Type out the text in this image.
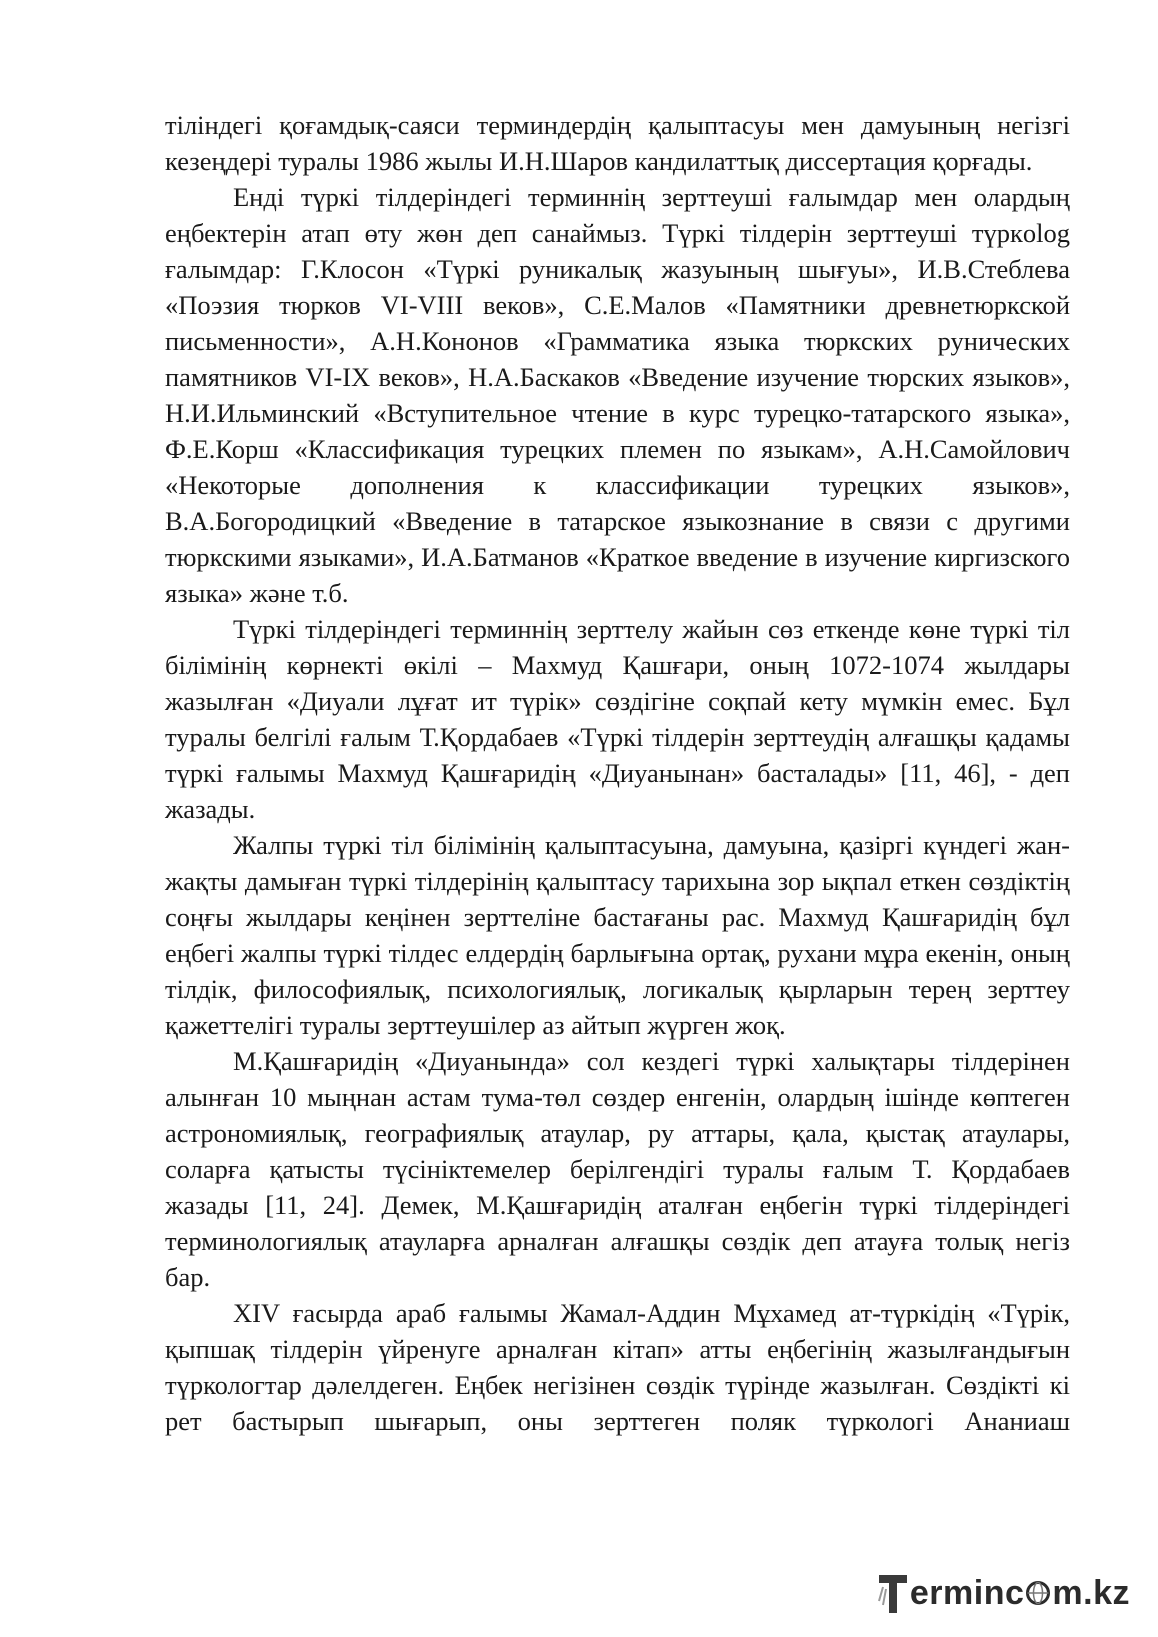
тіліндегі қоғамдық-саяси терминдердің қалыптасуы мен дамуының негізгі кезеңдері туралы 1986 жылы И.Н.Шаров кандилаттық диссертация қорғады.

Енді түркі тілдеріндегі терминнің зерттеуші ғалымдар мен олардың еңбектерін атап өту жөн деп санаймыз. Түркі тілдерін зерттеуші түркolog ғалымдар: Г.Клосон «Түркі руникалық жазуының шығуы», И.В.Стеблева «Поэзия тюрков VI-VIII веков», С.Е.Малов «Памятники древнетюркской письменности», А.Н.Кононов «Грамматика языка тюркских рунических памятников VI-IX веков», Н.А.Баскаков «Введение изучение тюрских языков», Н.И.Ильминский «Вступительное чтение в курс турецко-татарского языка», Ф.Е.Корш «Классификация турецких племен по языкам», А.Н.Самойлович «Некоторые дополнения к классификации турецких языков», В.А.Богородицкий «Введение в татарское языкознание в связи с другими тюркскими языками», И.А.Батманов «Краткое введение в изучение киргизского языка» және т.б.

Түркі тілдеріндегі терминнің зерттелу жайын сөз еткенде көне түркі тіл білімінің көрнекті өкілі – Махмуд Қашғари, оның 1072-1074 жылдары жазылған «Диуали лұғат ит түрік» сөздігіне соқпай кету мүмкін емес. Бұл туралы белгілі ғалым Т.Қордабаев «Түркі тілдерін зерттеудің алғашқы қадамы түркі ғалымы Махмуд Қашғаридің «Диуанынан» басталады» [11, 46], - деп жазады.

Жалпы түркі тіл білімінің қалыптасуына, дамуына, қазіргі күндегі жан-жақты дамыған түркі тілдерінің қалыптасу тарихына зор ықпал еткен сөздіктің соңғы жылдары кеңінен зерттеліне бастағаны рас. Махмуд Қашғаридің бұл еңбегі жалпы түркі тілдес елдердің барлығына ортақ, рухани мұра екенін, оның тілдік, философиялық, психологиялық, логикалық қырларын терең зерттеу қажеттелігі туралы зерттеушілер аз айтып жүрген жоқ.

М.Қашғаридің «Диуанында» сол кездегі түркі халықтары тілдерінен алынған 10 мыңнан астам тума-төл сөздер енгенін, олардың ішінде көптеген астрономиялық, географиялық атаулар, ру аттары, қала, қыстақ атаулары, соларға қатысты түсініктемелер берілгендігі туралы ғалым Т. Қордабаев жазады [11, 24]. Демек, М.Қашғаридің аталған еңбегін түркі тілдеріндегі терминологиялық атауларға арналған алғашқы сөздік деп атауға толық негіз бар.

XIV ғасырда араб ғалымы Жамал-Аддин Мұхамед ат-түркідің «Түрік, қыпшақ тілдерін үйренуге арналған кітап» атты еңбегінің жазылғандығын түркологтар дәлелдеген. Еңбек негізінен сөздік түрінде жазылған. Сөздікті кі рет бастырып шығарып, оны зерттеген поляк түркологі Ананиаш

ermin c m.kz
